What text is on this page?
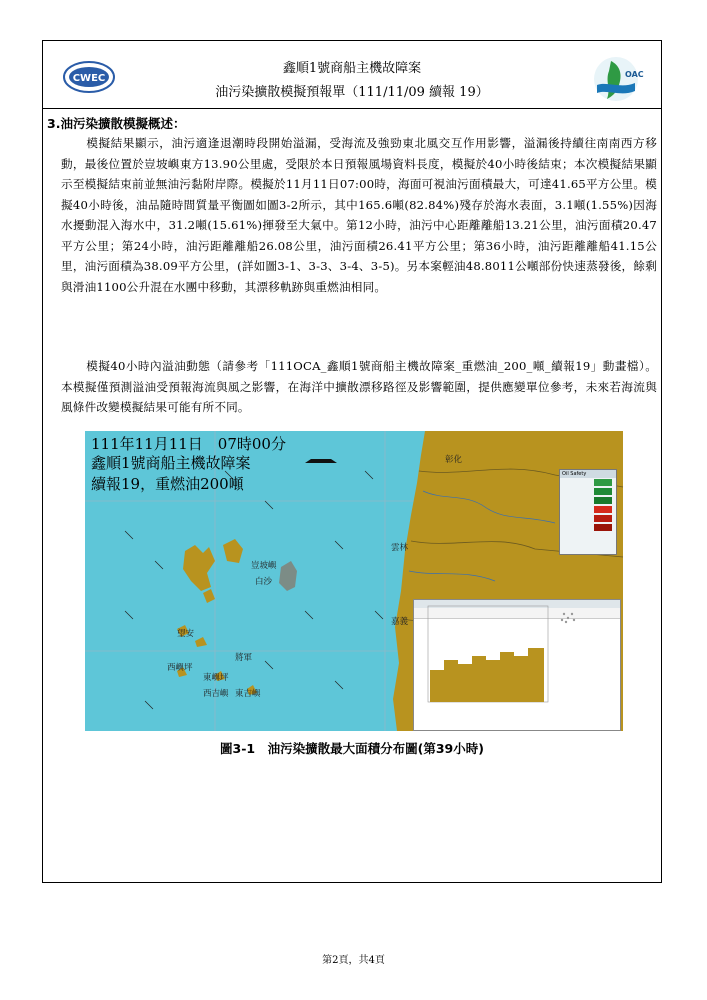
CWEC
鑫順1號商船主機故障案
油污染擴散模擬預報單（111/11/09 續報 19）
OAC
3.油污染擴散模擬概述：
模擬結果顯示，油污適逢退潮時段開始溢漏，受海流及強勁東北風交互作用影響，溢漏後持續往南南西方移動，最後位置於豈坡嶼東方13.90公里處，受限於本日預報風場資料長度，模擬於40小時後結束；本次模擬結果顯示至模擬結束前並無油污黏附岸際。模擬於11月11日07:00時，海面可視油污面積最大，可達41.65平方公里。模擬40小時後，油品隨時間質量平衡圖如圖3-2所示，其中165.6噸(82.84%)殘存於海水表面，3.1噸(1.55%)因海水擾動混入海水中，31.2噸(15.61%)揮發至大氣中。第12小時，油污中心距離離船13.21公里，油污面積20.47平方公里；第24小時，油污距離離船26.08公里，油污面積26.41平方公里；第36小時，油污距離離船41.15公里，油污面積為38.09平方公里，(詳如圖3-1、3-3、3-4、3-5)。另本案輕油48.8011公噸部份快速蒸發後，餘剩與滑油1100公升混在水團中移動，其漂移軌跡與重燃油相同。
模擬40小時內溢油動態（請參考「111OCA_鑫順1號商船主機故障案_重燃油_200_噸_續報19」動畫檔）。本模擬僅預測溢油受預報海流與風之影響，在海洋中擴散漂移路徑及影響範圍，提供應變單位參考，未來若海流與風條件改變模擬結果可能有所不同。
111年11月11日　07時00分
鑫順1號商船主機故障案
續報19，重燃油200噸
彰化
雲林
嘉義
豈坡嶼
白沙
望安
將軍
西嶼坪
東嶼坪
西吉嶼 東吉嶼
Oil Safety
圖3-1　油污染擴散最大面積分布圖(第39小時)
第2頁，共4頁
